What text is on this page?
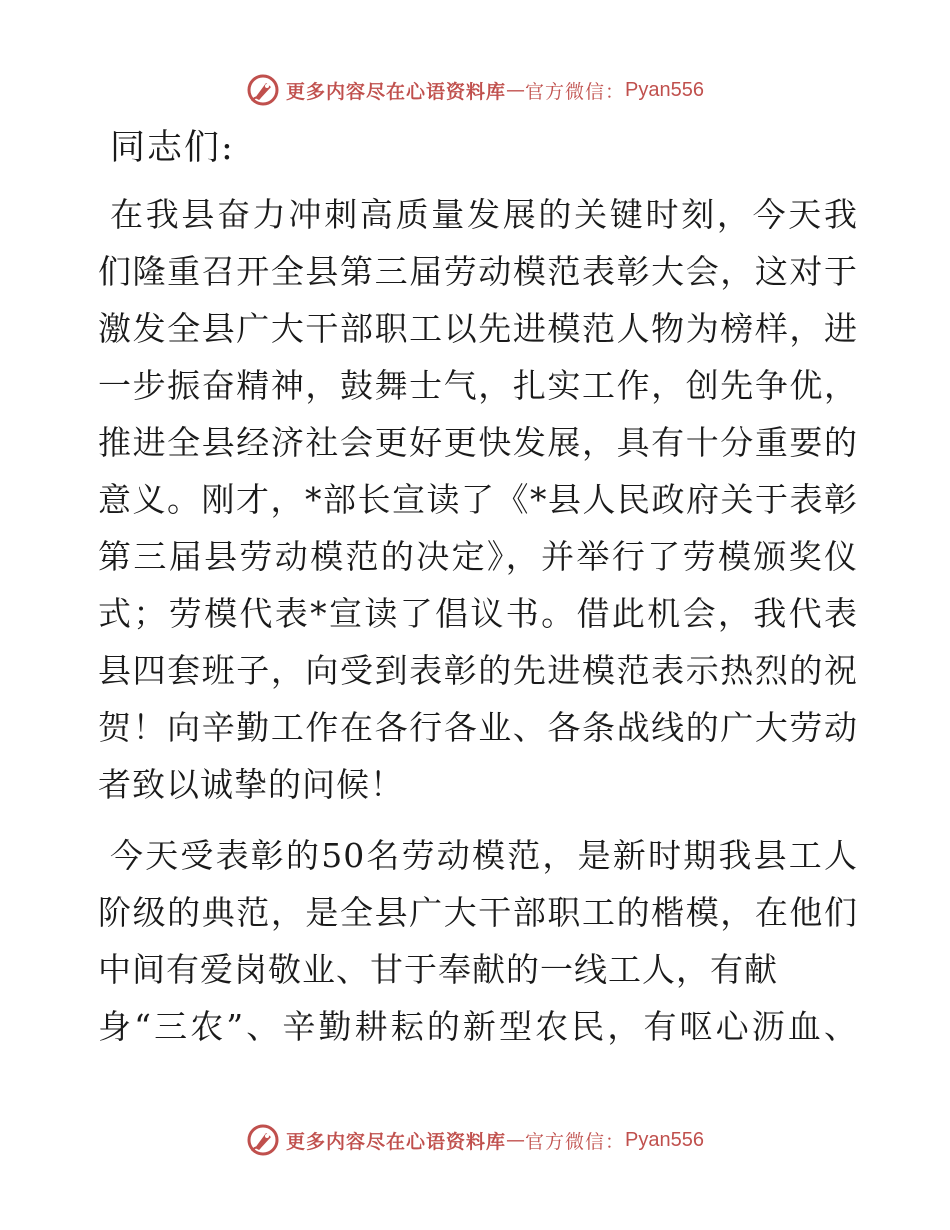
更多内容尽在心语资料库 — 官方微信： Pyan556
同志们:
在我县奋力冲刺高质量发展的关键时刻，今天我
们隆重召开全县第三届劳动模范表彰大会，这对于
激发全县广大干部职工以先进模范人物为榜样，进
一步振奋精神，鼓舞士气，扎实工作，创先争优，
推进全县经济社会更好更快发展，具有十分重要的
意义。刚才，*部长宣读了《*县人民政府关于表彰
第三届县劳动模范的决定》，并举行了劳模颁奖仪
式；劳模代表*宣读了倡议书。借此机会，我代表
县四套班子，向受到表彰的先进模范表示热烈的祝
贺！向辛勤工作在各行各业、各条战线的广大劳动
者致以诚挚的问候！
今天受表彰的50名劳动模范，是新时期我县工人
阶级的典范，是全县广大干部职工的楷模，在他们
中间有爱岗敬业、甘于奉献的一线工人，有献
身“三农”、辛勤耕耘的新型农民，有呕心沥血、
更多内容尽在心语资料库 — 官方微信： Pyan556
